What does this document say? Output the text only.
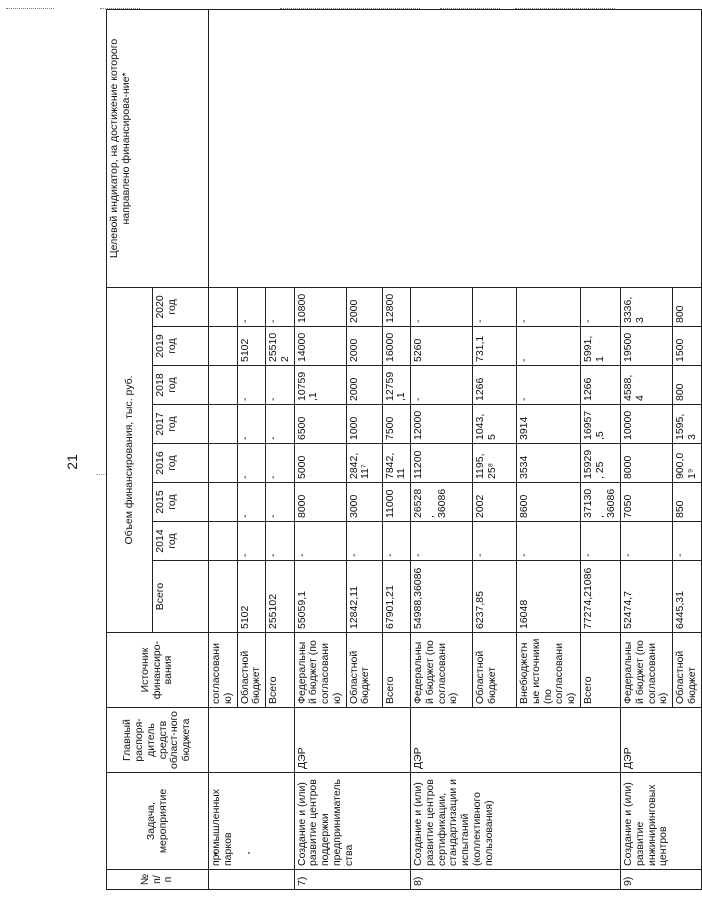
21
№ п/п	Задача, мероприятие	Главный распоря-дитель средств област-ного бюджета	Источник финансиро-вания	Объем финансирования, тыс. руб.								Целевой индикатор, на достижение которого направлено финансирова-ние*
				Всего	2014 год	2015 год	2016 год	2017 год	2018 год	2019 год	2020 год	
	промышленных парков		согласованию)									
			Областной бюджет	5102	-	-	-	-	-	5102	-	
			Всего	255102	-	-	-	-	-	255102	-	
7)	Создание и (или) развитие центров поддержки предпринимательства	ДЭР	Федеральный бюджет (по согласованию)	55059,1	-	8000	5000	6500	10759,1	14000	10800	
			Областной бюджет	12842,11	-	3000	2842, 11⁷	1000	2000	2000	2000	
			Всего	67901,21	-	11000	7842, 11	7500	12759,1	16000	12800	
8)	Создание и (или) развитие центров сертификации, стандартизации и испытаний (коллективного пользования)	ДЭР	Федеральный бюджет (по согласованию)	54988,36086	-	26528, 36086	11200	12000	-	5260	-	
			Областной бюджет	6237,85	-	2002	1195, 25⁸	1043,5	1266	731,1	-	
			Внебюджетные источники (по согласованию)	16048	-	8600	3534	3914	-	-	-	
			Всего	77274,21086	-	37130, 36086	15929, 25	16957,5	1266	5991,1	-	
9)	Создание и (или) развитие инжиниринговых центров	ДЭР	Федеральный бюджет (по согласованию)	52474,7	-	7050	8000	10000	4588,4	19500	3336,3	
			Областной бюджет	6445,31	-	850	900,01⁹	1595,3	800	1500	800	
